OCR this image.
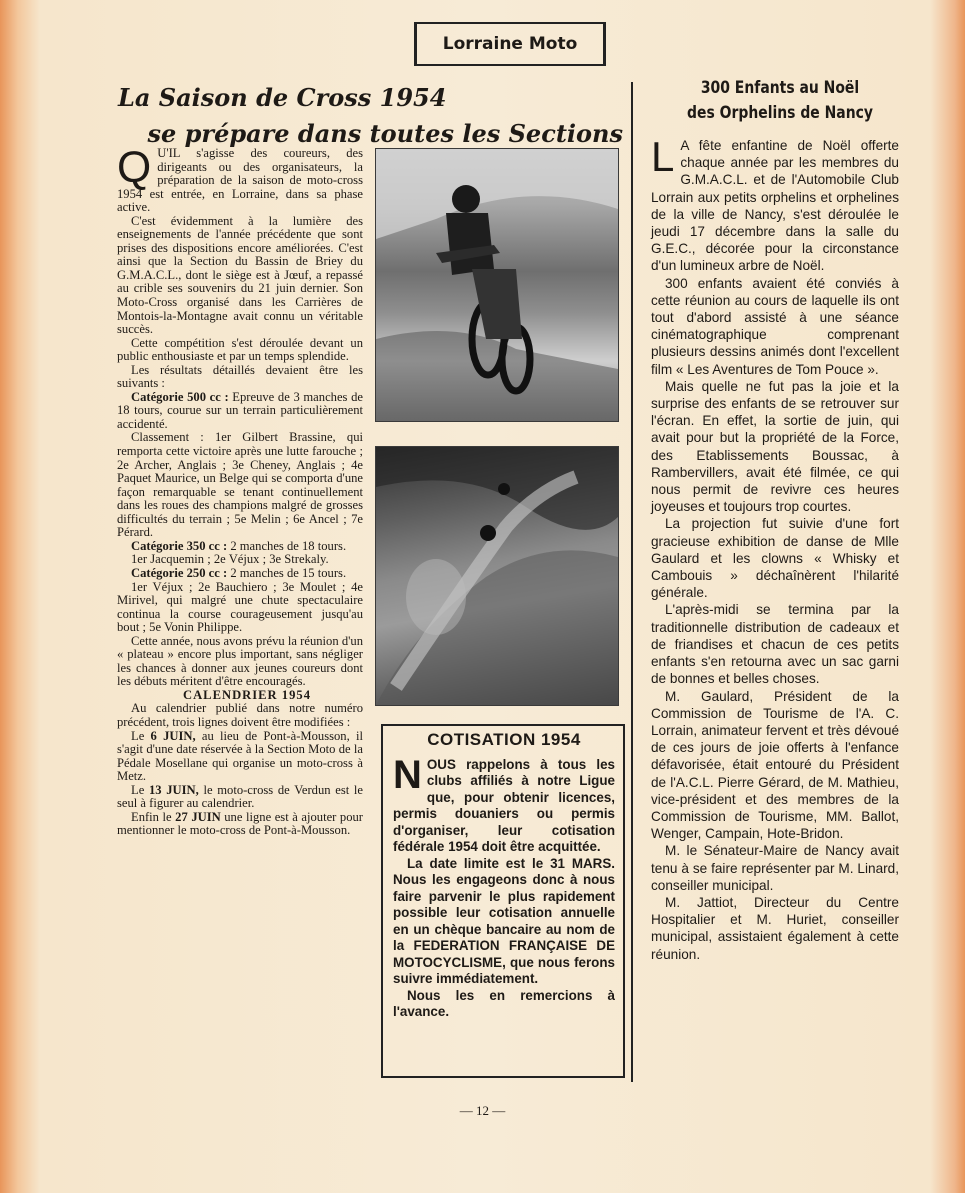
Lorraine Moto
La Saison de Cross 1954
se prépare dans toutes les Sections
Q U'IL s'agisse des coureurs, des dirigeants ou des organisateurs, la préparation de la saison de moto-cross 1954 est entrée, en Lorraine, dans sa phase active.

C'est évidemment à la lumière des enseignements de l'année précédente que sont prises des dispositions encore améliorées. C'est ainsi que la Section du Bassin de Briey du G.M.A.C.L., dont le siège est à Jœuf, a repassé au crible ses souvenirs du 21 juin dernier. Son Moto-Cross organisé dans les Carrières de Montois-la-Montagne avait connu un véritable succès.

Cette compétition s'est déroulée devant un public enthousiaste et par un temps splendide.

Les résultats détaillés devaient être les suivants :

Catégorie 500 cc : Epreuve de 3 manches de 18 tours, courue sur un terrain particulièrement accidenté.

Classement : 1er Gilbert Brassine, qui remporta cette victoire après une lutte farouche ; 2e Archer, Anglais ; 3e Cheney, Anglais ; 4e Paquet Maurice, un Belge qui se comporta d'une façon remarquable se tenant continuellement dans les roues des champions malgré de grosses difficultés du terrain ; 5e Melin ; 6e Ancel ; 7e Pérard.

Catégorie 350 cc : 2 manches de 18 tours.

1er Jacquemin ; 2e Véjux ; 3e Strekaly.

Catégorie 250 cc : 2 manches de 15 tours.

1er Véjux ; 2e Bauchiero ; 3e Moulet ; 4e Mirivel, qui malgré une chute spectaculaire continua la course courageusement jusqu'au bout ; 5e Vonin Philippe.

Cette année, nous avons prévu la réunion d'un « plateau » encore plus important, sans négliger les chances à donner aux jeunes coureurs dont les débuts méritent d'être encouragés.

CALENDRIER 1954

Au calendrier publié dans notre numéro précédent, trois lignes doivent être modifiées :

Le 6 JUIN, au lieu de Pont-à-Mousson, il s'agit d'une date réservée à la Section Moto de la Pédale Mosellane qui organise un moto-cross à Metz.

Le 13 JUIN, le moto-cross de Verdun est le seul à figurer au calendrier.

Enfin le 27 JUIN une ligne est à ajouter pour mentionner le moto-cross de Pont-à-Mousson.

COTISATION 1954
N OUS rappelons à tous les clubs affiliés à notre Ligue que, pour obtenir licences, permis douaniers ou permis d'organiser, leur cotisation fédérale 1954 doit être acquittée.

La date limite est le 31 MARS. Nous les engageons donc à nous faire parvenir le plus rapidement possible leur cotisation annuelle en un chèque bancaire au nom de la FEDERATION FRANÇAISE DE MOTOCYCLISME, que nous ferons suivre immédiatement.

Nous les en remercions à l'avance.

300 Enfants au Noël
des Orphelins de Nancy
L A fête enfantine de Noël offerte chaque année par les membres du G.M.A.C.L. et de l'Automobile Club Lorrain aux petits orphelins et orphelines de la ville de Nancy, s'est déroulée le jeudi 17 décembre dans la salle du G.E.C., décorée pour la circonstance d'un lumineux arbre de Noël.

300 enfants avaient été conviés à cette réunion au cours de laquelle ils ont tout d'abord assisté à une séance cinématographique comprenant plusieurs dessins animés dont l'excellent film « Les Aventures de Tom Pouce ».

Mais quelle ne fut pas la joie et la surprise des enfants de se retrouver sur l'écran. En effet, la sortie de juin, qui avait pour but la propriété de la Force, des Etablissements Boussac, à Rambervillers, avait été filmée, ce qui nous permit de revivre ces heures joyeuses et toujours trop courtes.

La projection fut suivie d'une fort gracieuse exhibition de danse de Mlle Gaulard et les clowns « Whisky et Cambouis » déchaînèrent l'hilarité générale.

L'après-midi se termina par la traditionnelle distribution de cadeaux et de friandises et chacun de ces petits enfants s'en retourna avec un sac garni de bonnes et belles choses.

M. Gaulard, Président de la Commission de Tourisme de l'A. C. Lorrain, animateur fervent et très dévoué de ces jours de joie offerts à l'enfance défavorisée, était entouré du Président de l'A.C.L. Pierre Gérard, de M. Mathieu, vice-président et des membres de la Commission de Tourisme, MM. Ballot, Wenger, Campain, Hote-Bridon.

M. le Sénateur-Maire de Nancy avait tenu à se faire représenter par M. Linard, conseiller municipal.

M. Jattiot, Directeur du Centre Hospitalier et M. Huriet, conseiller municipal, assistaient également à cette réunion.

— 12 —
